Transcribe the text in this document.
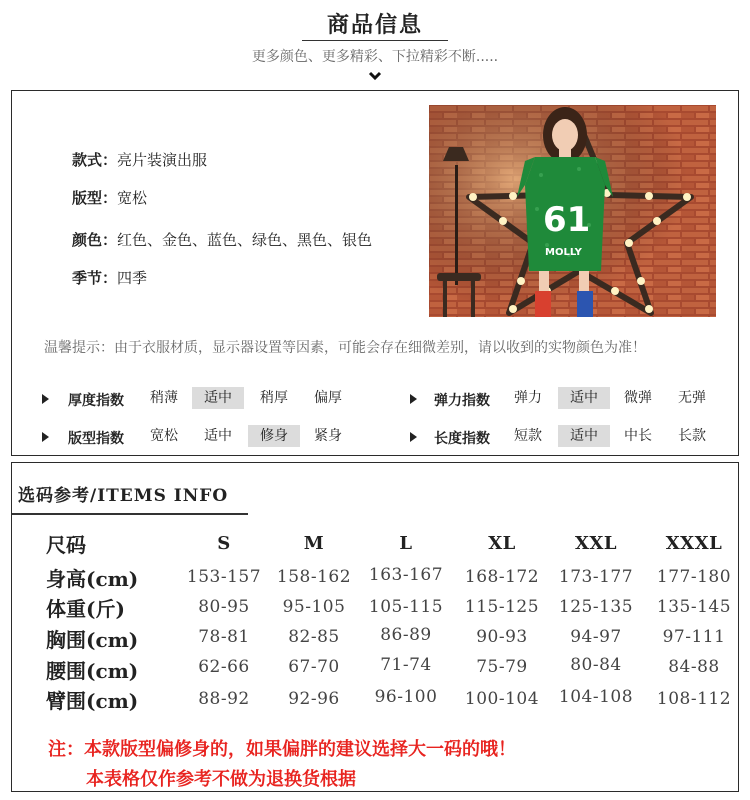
商品信息
更多颜色、更多精彩、下拉精彩不断.....
款式：亮片装演出服
版型：宽松
颜色：红色、金色、蓝色、绿色、黑色、银色
季节：四季
61
MOLLY
温馨提示：由于衣服材质，显示器设置等因素，可能会存在细微差别，请以收到的实物颜色为准！
厚度指数	稍薄	适中	稍厚	偏厚	弹力指数	弹力	适中	微弹	无弹
版型指数	宽松	适中	修身	紧身	长度指数	短款	适中	中长	长款
选码参考/ITEMS INFO
尺码	S	M	L	XL	XXL	XXXL
身高(cm)	153-157 158-162	163-167	168-172	173-177	177-180
体重(斤)	80-95	95-105	105-115	115-125	125-135	135-145
胸围(cm)	78-81	82-85	86-89	90-93	94-97	97-111
腰围(cm)	62-66	67-70	71-74	75-79	80-84	84-88
臂围(cm)	88-92	92-96	96-100	100-104	104-108	108-112
注：本款版型偏修身的，如果偏胖的建议选择大一码的哦！
本表格仅作参考不做为退换货根据
